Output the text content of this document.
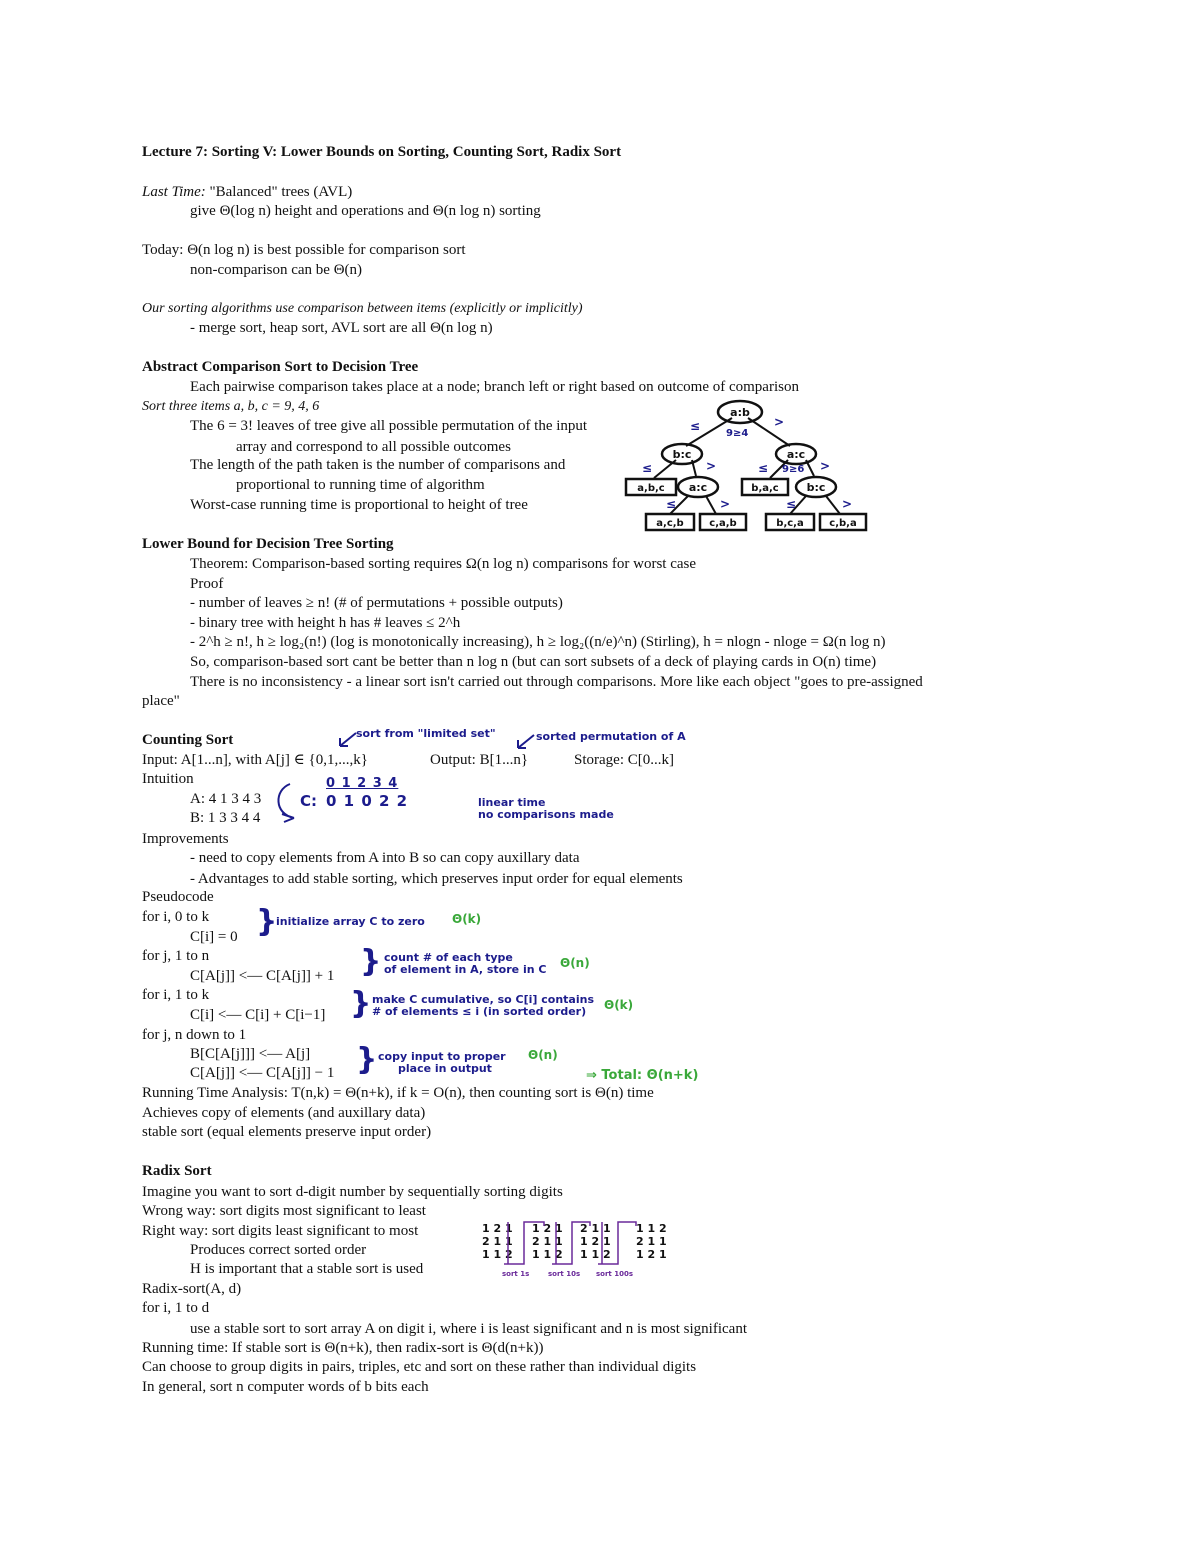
Lecture 7: Sorting V: Lower Bounds on Sorting, Counting Sort, Radix Sort
Last Time: "Balanced" trees (AVL)
give Θ(log n) height and operations and Θ(n log n) sorting
Today: Θ(n log n) is best possible for comparison sort
non-comparison can be Θ(n)
Our sorting algorithms use comparison between items (explicitly or implicitly)
- merge sort, heap sort, AVL sort are all Θ(n log n)
Abstract Comparison Sort to Decision Tree
Each pairwise comparison takes place at a node; branch left or right based on outcome of comparison
Sort three items a, b, c = 9, 4, 6
The 6 = 3! leaves of tree give all possible permutation of the input
array and correspond to all possible outcomes
The length of the path taken is the number of comparisons and
proportional to running time of algorithm
Worst-case running time is proportional to height of tree
a:b
b:c	a:c
a:c	b:c
a,b,c	b,a,c
a,c,b	c,a,b	b,c,a	c,b,a
≤	>
9≥4
≤	>	≤	>
9≥6
≤	>	≤	>
Lower Bound for Decision Tree Sorting
Theorem: Comparison-based sorting requires Ω(n log n) comparisons for worst case
Proof
- number of leaves ≥ n! (# of permutations + possible outputs)
- binary tree with height h has # leaves ≤ 2^h
- 2^h ≥ n!, h ≥ log₂(n!) (log is monotonically increasing), h ≥ log₂((n/e)^n) (Stirling), h = nlogn - nloge = Ω(n log n)
So, comparison-based sort cant be better than n log n (but can sort subsets of a deck of playing cards in O(n) time)
There is no inconsistency - a linear sort isn't carried out through comparisons. More like each object "goes to pre-assigned
place"
Counting Sort	sort from "limited set"	sorted permutation of A
Input: A[1...n], with A[j] ∈ {0,1,...,k}	Output: B[1...n}	Storage: C[0...k]
Intuition
A: 4 1 3 4 3
B: 1 3 3 4 4
C:
0 1 2 3 4
0 1 0 2 2	linear time
no comparisons made
Improvements
- need to copy elements from A into B so can copy auxillary data
- Advantages to add stable sorting, which preserves input order for equal elements
Pseudocode
for i, 0 to k
C[i] = 0
for j, 1 to n
C[A[j]] <— C[A[j]] + 1
for i, 1 to k
C[i] <— C[i] + C[i−1]
for j, n down to 1
B[C[A[j]]] <— A[j]
C[A[j]] <— C[A[j]] − 1
}
initialize array C to zero Θ(k)
} count # of each type
of element in A, store in C Θ(n)
} make C cumulative, so C[i] contains
# of elements ≤ i (in sorted order) Θ(k)
} copy input to proper
place in output
Θ(n)
⇒ Total: Θ(n+k)
Running Time Analysis: T(n,k) = Θ(n+k), if k = O(n), then counting sort is Θ(n) time
Achieves copy of elements (and auxillary data)
stable sort (equal elements preserve input order)
Radix Sort
Imagine you want to sort d-digit number by sequentially sorting digits
Wrong way: sort digits most significant to least
Right way: sort digits least significant to most
Produces correct sorted order
H is important that a stable sort is used
Radix-sort(A, d)
for i, 1 to d
use a stable sort to sort array A on digit i, where i is least significant and n is most significant
Running time: If stable sort is Θ(n+k), then radix-sort is Θ(d(n+k))
Can choose to group digits in pairs, triples, etc and sort on these rather than individual digits
In general, sort n computer words of b bits each
1 2 1
2 1 1
1 1 2
1 2 1
2 1 1
1 1 2
2 1 1
1 2 1
1 1 2
1 1 2
2 1 1
1 2 1
sort 1s	sort 10s sort 100s
